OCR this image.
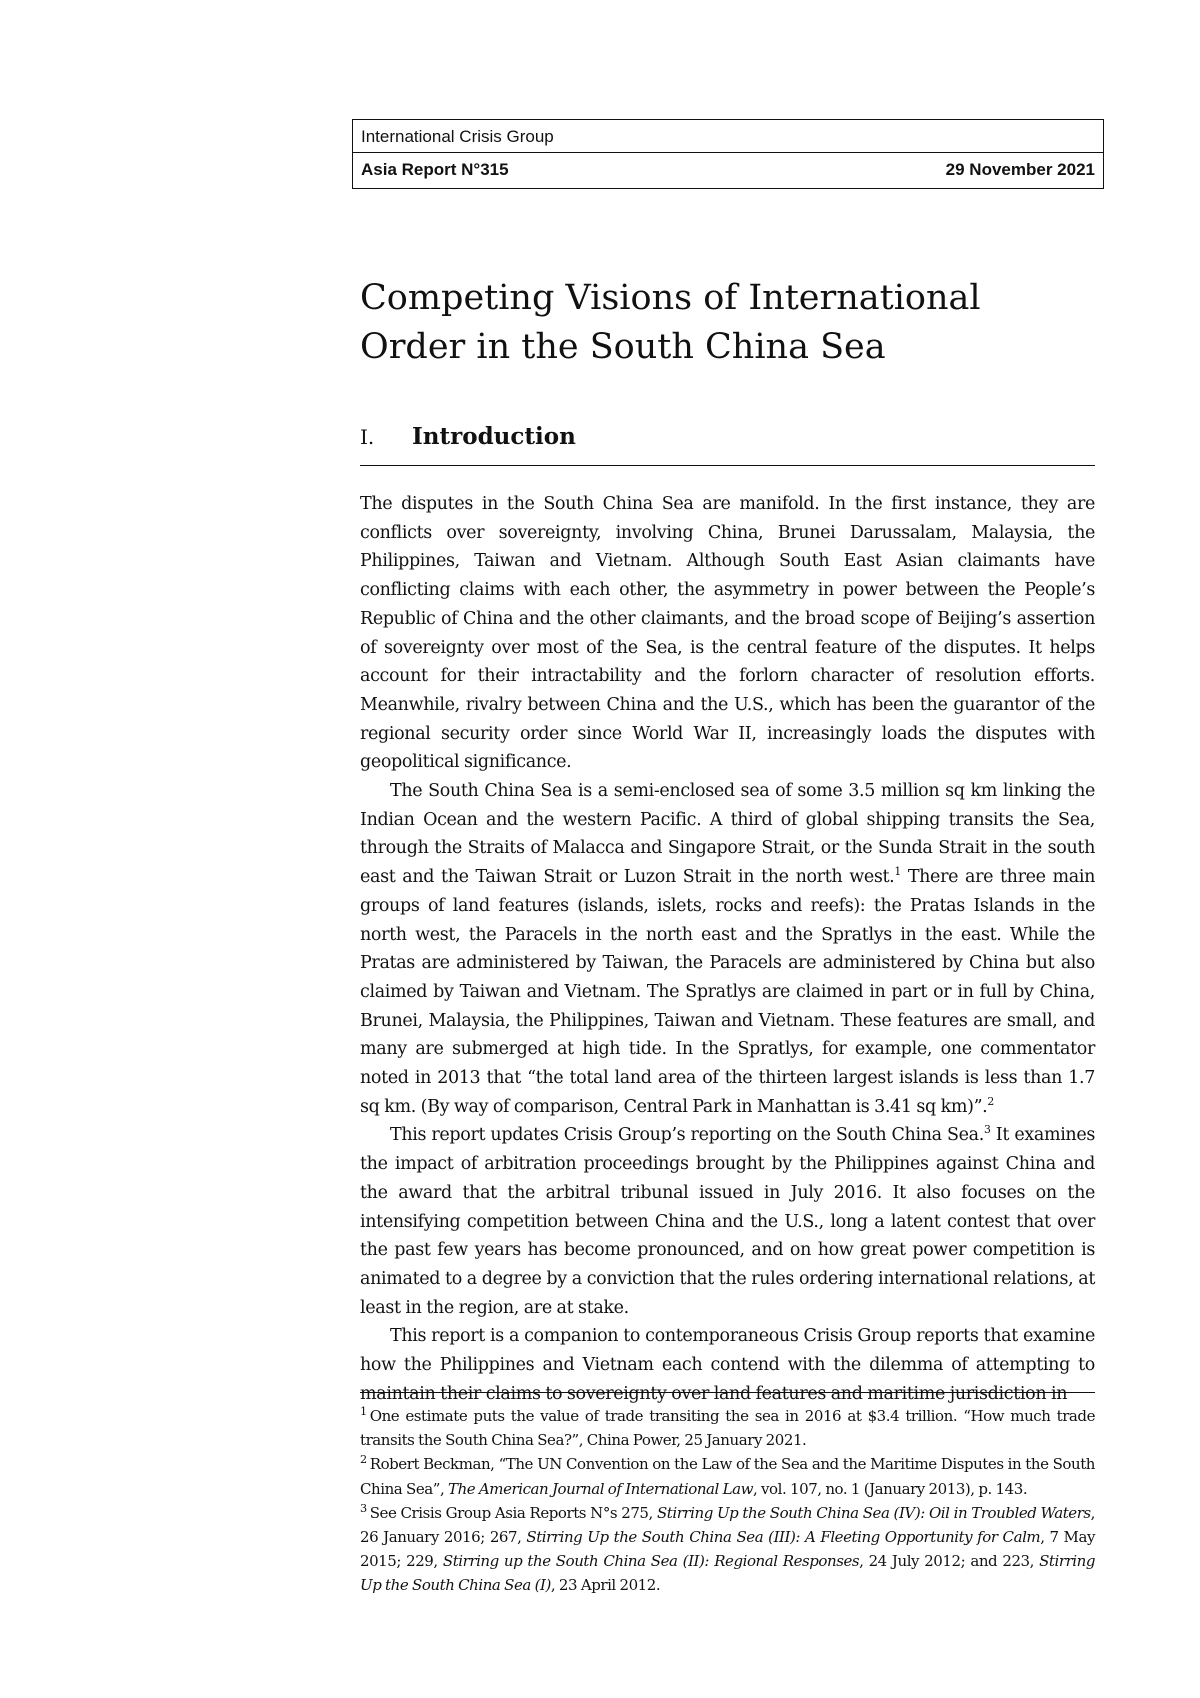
International Crisis Group
Asia Report N°315	29 November 2021
Competing Visions of International
Order in the South China Sea
I.	Introduction

The disputes in the South China Sea are manifold. In the first instance, they are conflicts over sovereignty, involving China, Brunei Darussalam, Malaysia, the Philippines, Taiwan and Vietnam. Although South East Asian claimants have conflicting claims with each other, the asymmetry in power between the People’s Republic of China and the other claimants, and the broad scope of Beijing’s assertion of sovereignty over most of the Sea, is the central feature of the disputes. It helps account for their intractability and the forlorn character of resolution efforts. Meanwhile, rivalry between China and the U.S., which has been the guarantor of the regional security order since World War II, increasingly loads the disputes with geopolitical significance.

The South China Sea is a semi-enclosed sea of some 3.5 million sq km linking the Indian Ocean and the western Pacific. A third of global shipping transits the Sea, through the Straits of Malacca and Singapore Strait, or the Sunda Strait in the south east and the Taiwan Strait or Luzon Strait in the north west.$^1$ There are three main groups of land features (islands, islets, rocks and reefs): the Pratas Islands in the north west, the Paracels in the north east and the Spratlys in the east. While the Pratas are administered by Taiwan, the Paracels are administered by China but also claimed by Taiwan and Vietnam. The Spratlys are claimed in part or in full by China, Brunei, Malaysia, the Philippines, Taiwan and Vietnam. These features are small, and many are submerged at high tide. In the Spratlys, for example, one commentator noted in 2013 that “the total land area of the thirteen largest islands is less than 1.7 sq km. (By way of comparison, Central Park in Manhattan is 3.41 sq km)”.$^2$

This report updates Crisis Group’s reporting on the South China Sea.$^3$ It examines the impact of arbitration proceedings brought by the Philippines against China and the award that the arbitral tribunal issued in July 2016. It also focuses on the intensifying competition between China and the U.S., long a latent contest that over the past few years has become pronounced, and on how great power competition is animated to a degree by a conviction that the rules ordering international relations, at least in the region, are at stake.

This report is a companion to contemporaneous Crisis Group reports that examine how the Philippines and Vietnam each contend with the dilemma of attempting to maintain their claims to sovereignty over land features and maritime jurisdiction in

$^1$ One estimate puts the value of trade transiting the sea in 2016 at $3.4 trillion. “How much trade transits the South China Sea?”, China Power, 25 January 2021.

$^2$ Robert Beckman, “The UN Convention on the Law of the Sea and the Maritime Disputes in the South China Sea”, The American Journal of International Law, vol. 107, no. 1 (January 2013), p. 143.

$^3$ See Crisis Group Asia Reports N°s 275, Stirring Up the South China Sea (IV): Oil in Troubled Waters, 26 January 2016; 267, Stirring Up the South China Sea (III): A Fleeting Opportunity for Calm, 7 May 2015; 229, Stirring up the South China Sea (II): Regional Responses, 24 July 2012; and 223, Stirring Up the South China Sea (I), 23 April 2012.
